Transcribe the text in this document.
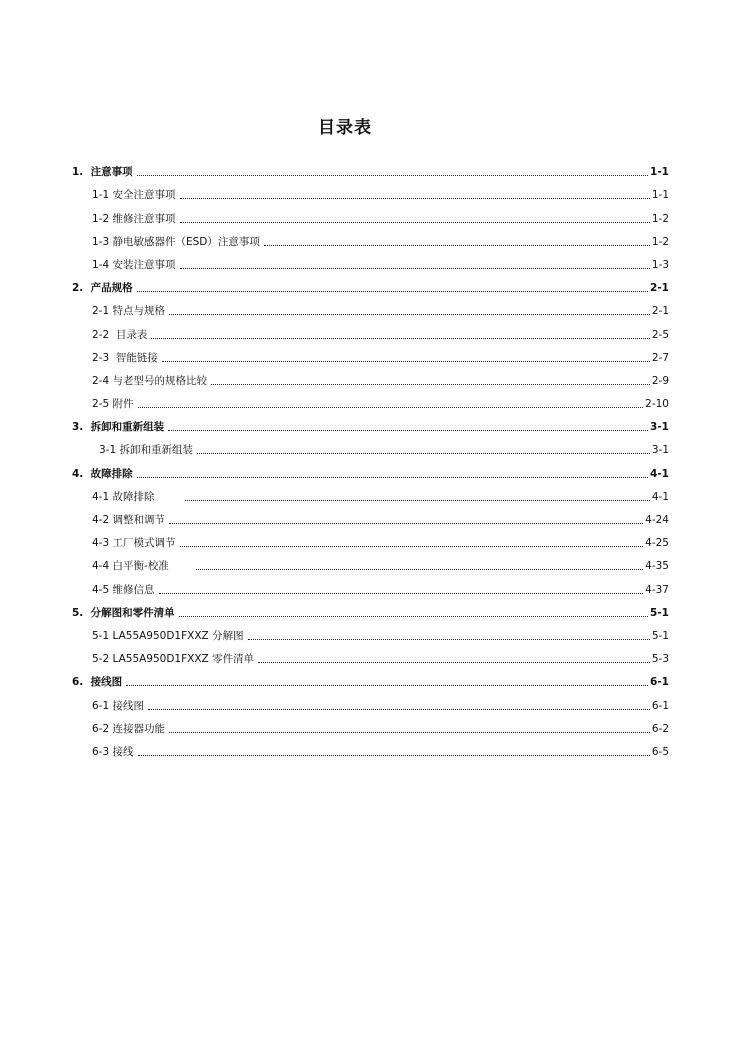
目录表
1.  注意事项	1-1
1-1 安全注意事项	1-1
1-2 维修注意事项	1-2
1-3 静电敏感器件（ESD）注意事项	1-2
1-4 安装注意事项	1-3
2.  产品规格	2-1
2-1 特点与规格	2-1
2-2  目录表	2-5
2-3  智能链接	2-7
2-4 与老型号的规格比较	2-9
2-5 附件	2-10
3.  拆卸和重新组装	3-1
3-1 拆卸和重新组装	3-1
4.  故障排除	4-1
4-1 故障排除	4-1
4-2 调整和调节	4-24
4-3 工厂模式调节	4-25
4-4 白平衡-校准	4-35
4-5 维修信息	4-37
5.  分解图和零件清单	5-1
5-1 LA55A950D1FXXZ 分解图	5-1
5-2 LA55A950D1FXXZ 零件清单	5-3
6.  接线图	6-1
6-1 接线图	6-1
6-2 连接器功能	6-2
6-3 接线	6-5
